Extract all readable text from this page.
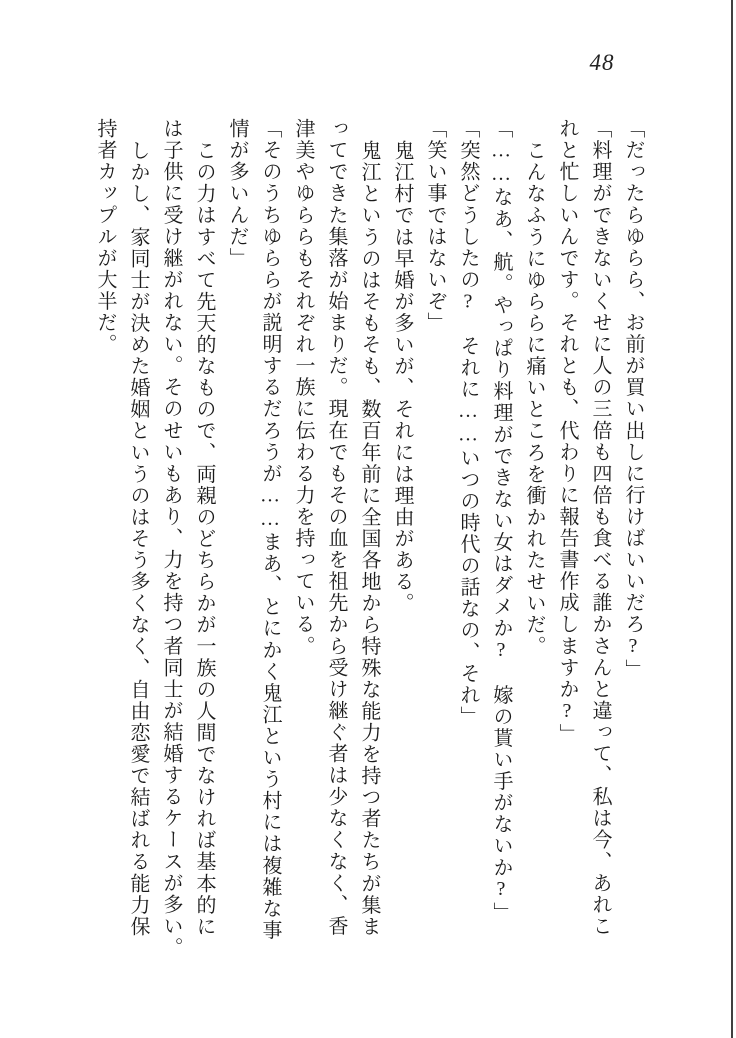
48
「だったらゆらら、お前が買い出しに行けばいいだろ?」
「料理ができないくせに人の三倍も四倍も食べる誰かさんと違って、私は今、あれこ
れと忙しいんです。それとも、代わりに報告書作成しますか?」
こんなふうにゆららに痛いところを衝かれたせいだ。
「……なあ、航。やっぱり料理ができない女はダメか?　嫁の貰い手がないか?」
「突然どうしたの?　それに……いつの時代の話なの、それ」
「笑い事ではないぞ」
鬼江村では早婚が多いが、それには理由がある。
鬼江というのはそもそも、数百年前に全国各地から特殊な能力を持つ者たちが集ま
ってできた集落が始まりだ。現在でもその血を祖先から受け継ぐ者は少なくなく、香
津美やゆららもそれぞれ一族に伝わる力を持っている。
「そのうちゆららが説明するだろうが……まあ、とにかく鬼江という村には複雑な事
情が多いんだ」
この力はすべて先天的なもので、両親のどちらかが一族の人間でなければ基本的に
は子供に受け継がれない。そのせいもあり、力を持つ者同士が結婚するケースが多い。
しかし、家同士が決めた婚姻というのはそう多くなく、自由恋愛で結ばれる能力保
持者カップルが大半だ。
